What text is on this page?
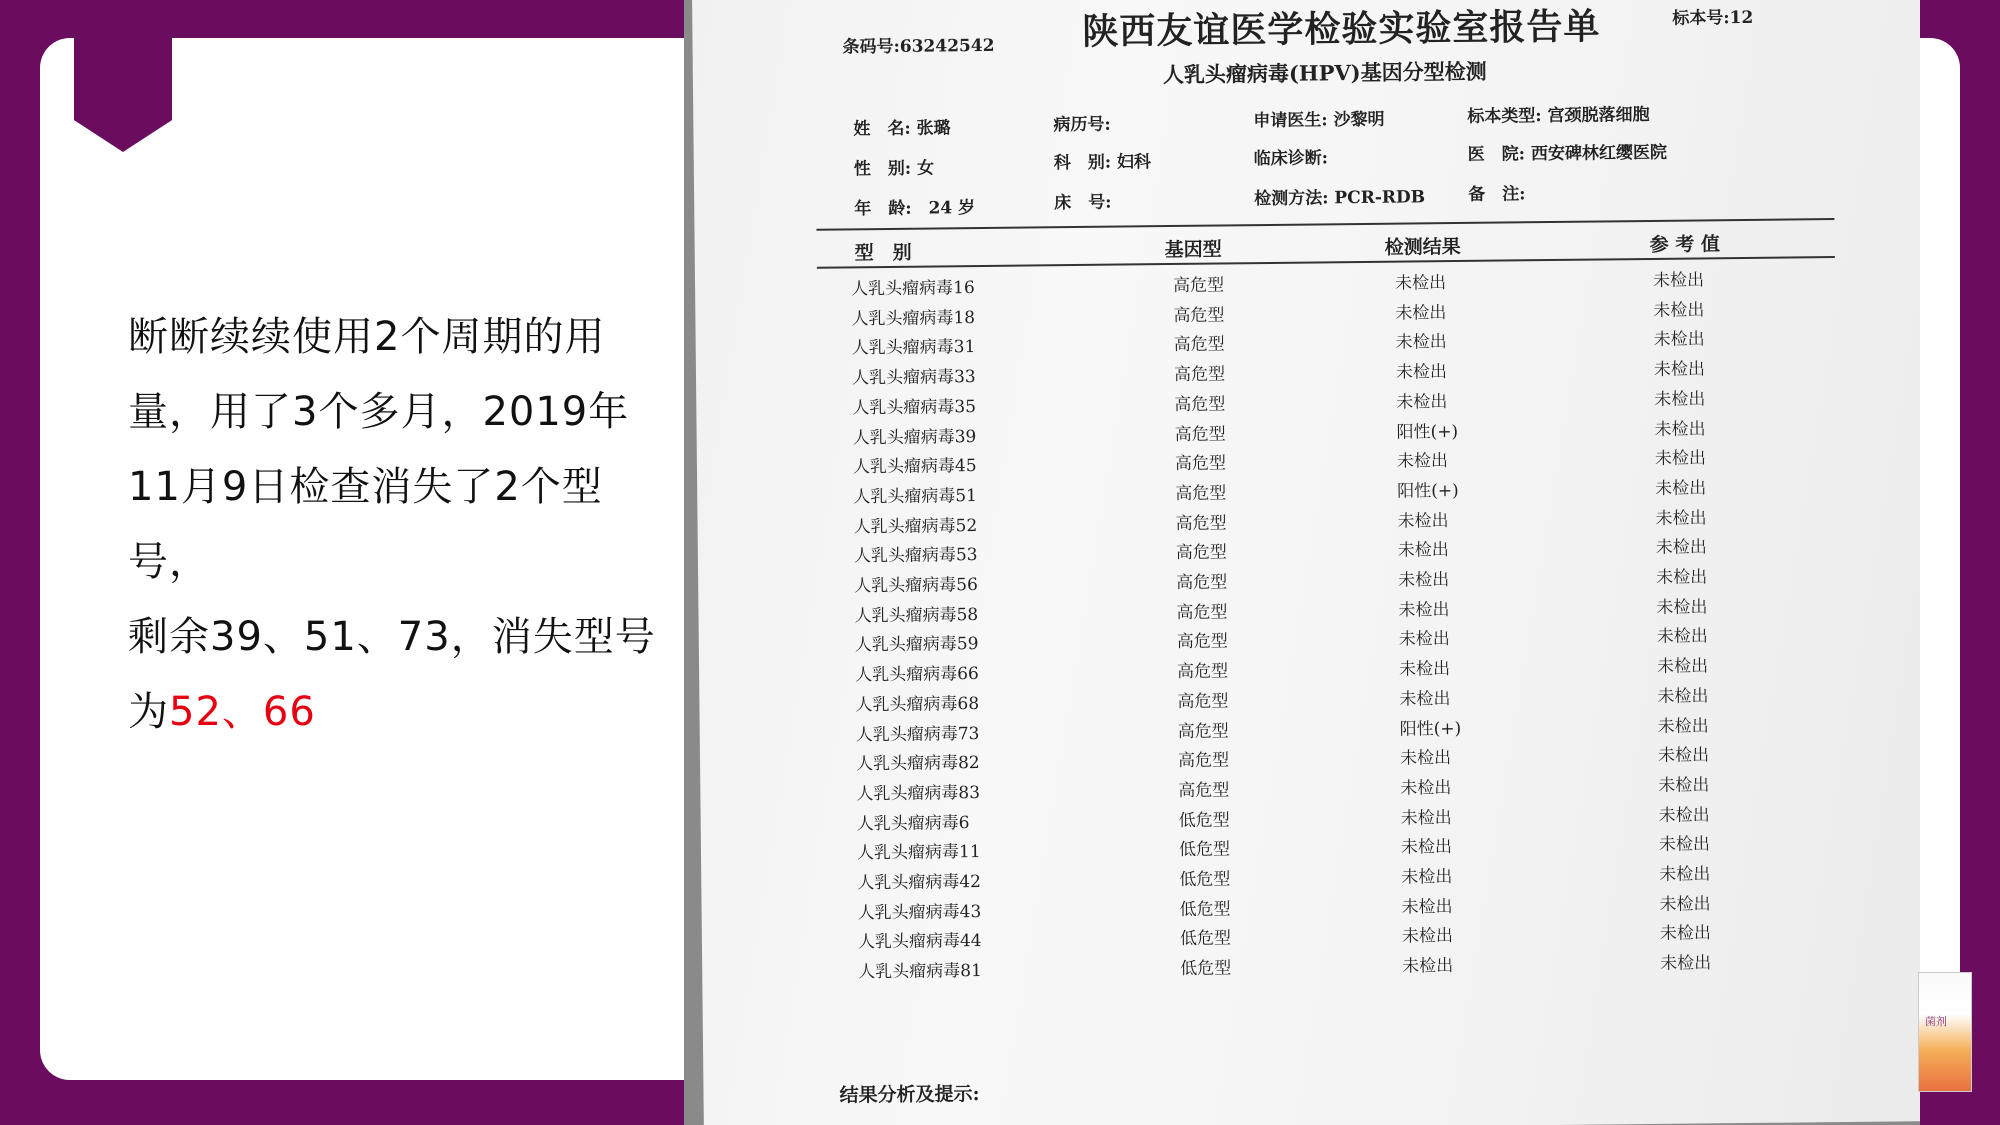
断断续续使用2个周期的用
量，用了3个多月，2019年
11月9日检查消失了2个型号，
剩余39、51、73，消失型号
为52、66
条码号:63242542 陕西友谊医学检验实验室报告单	标本号:12
人乳头瘤病毒(HPV)基因分型检测
姓　名: 张璐
性　别: 女
年　龄:　24 岁
病历号:
科　别: 妇科
床　号:
申请医生: 沙黎明
临床诊断:
检测方法: PCR-RDB
标本类型: 宫颈脱落细胞
医　院: 西安碑林红缨医院
备　注:
型　别	基因型	检测结果	参 考 值
人乳头瘤病毒16	高危型	未检出	未检出
人乳头瘤病毒18	高危型	未检出	未检出
人乳头瘤病毒31	高危型	未检出	未检出
人乳头瘤病毒33	高危型	未检出	未检出
人乳头瘤病毒35	高危型	未检出	未检出
人乳头瘤病毒39	高危型	阳性(+)	未检出
人乳头瘤病毒45	高危型	未检出	未检出
人乳头瘤病毒51	高危型	阳性(+)	未检出
人乳头瘤病毒52	高危型	未检出	未检出
人乳头瘤病毒53	高危型	未检出	未检出
人乳头瘤病毒56	高危型	未检出	未检出
人乳头瘤病毒58	高危型	未检出	未检出
人乳头瘤病毒59	高危型	未检出	未检出
人乳头瘤病毒66	高危型	未检出	未检出
人乳头瘤病毒68	高危型	未检出	未检出
人乳头瘤病毒73	高危型	阳性(+)	未检出
人乳头瘤病毒82	高危型	未检出	未检出
人乳头瘤病毒83	高危型	未检出	未检出
人乳头瘤病毒6	低危型	未检出	未检出
人乳头瘤病毒11	低危型	未检出	未检出
人乳头瘤病毒42	低危型	未检出	未检出
人乳头瘤病毒43	低危型	未检出	未检出
人乳头瘤病毒44	低危型	未检出	未检出
人乳头瘤病毒81	低危型	未检出	未检出
结果分析及提示:
菌剂
